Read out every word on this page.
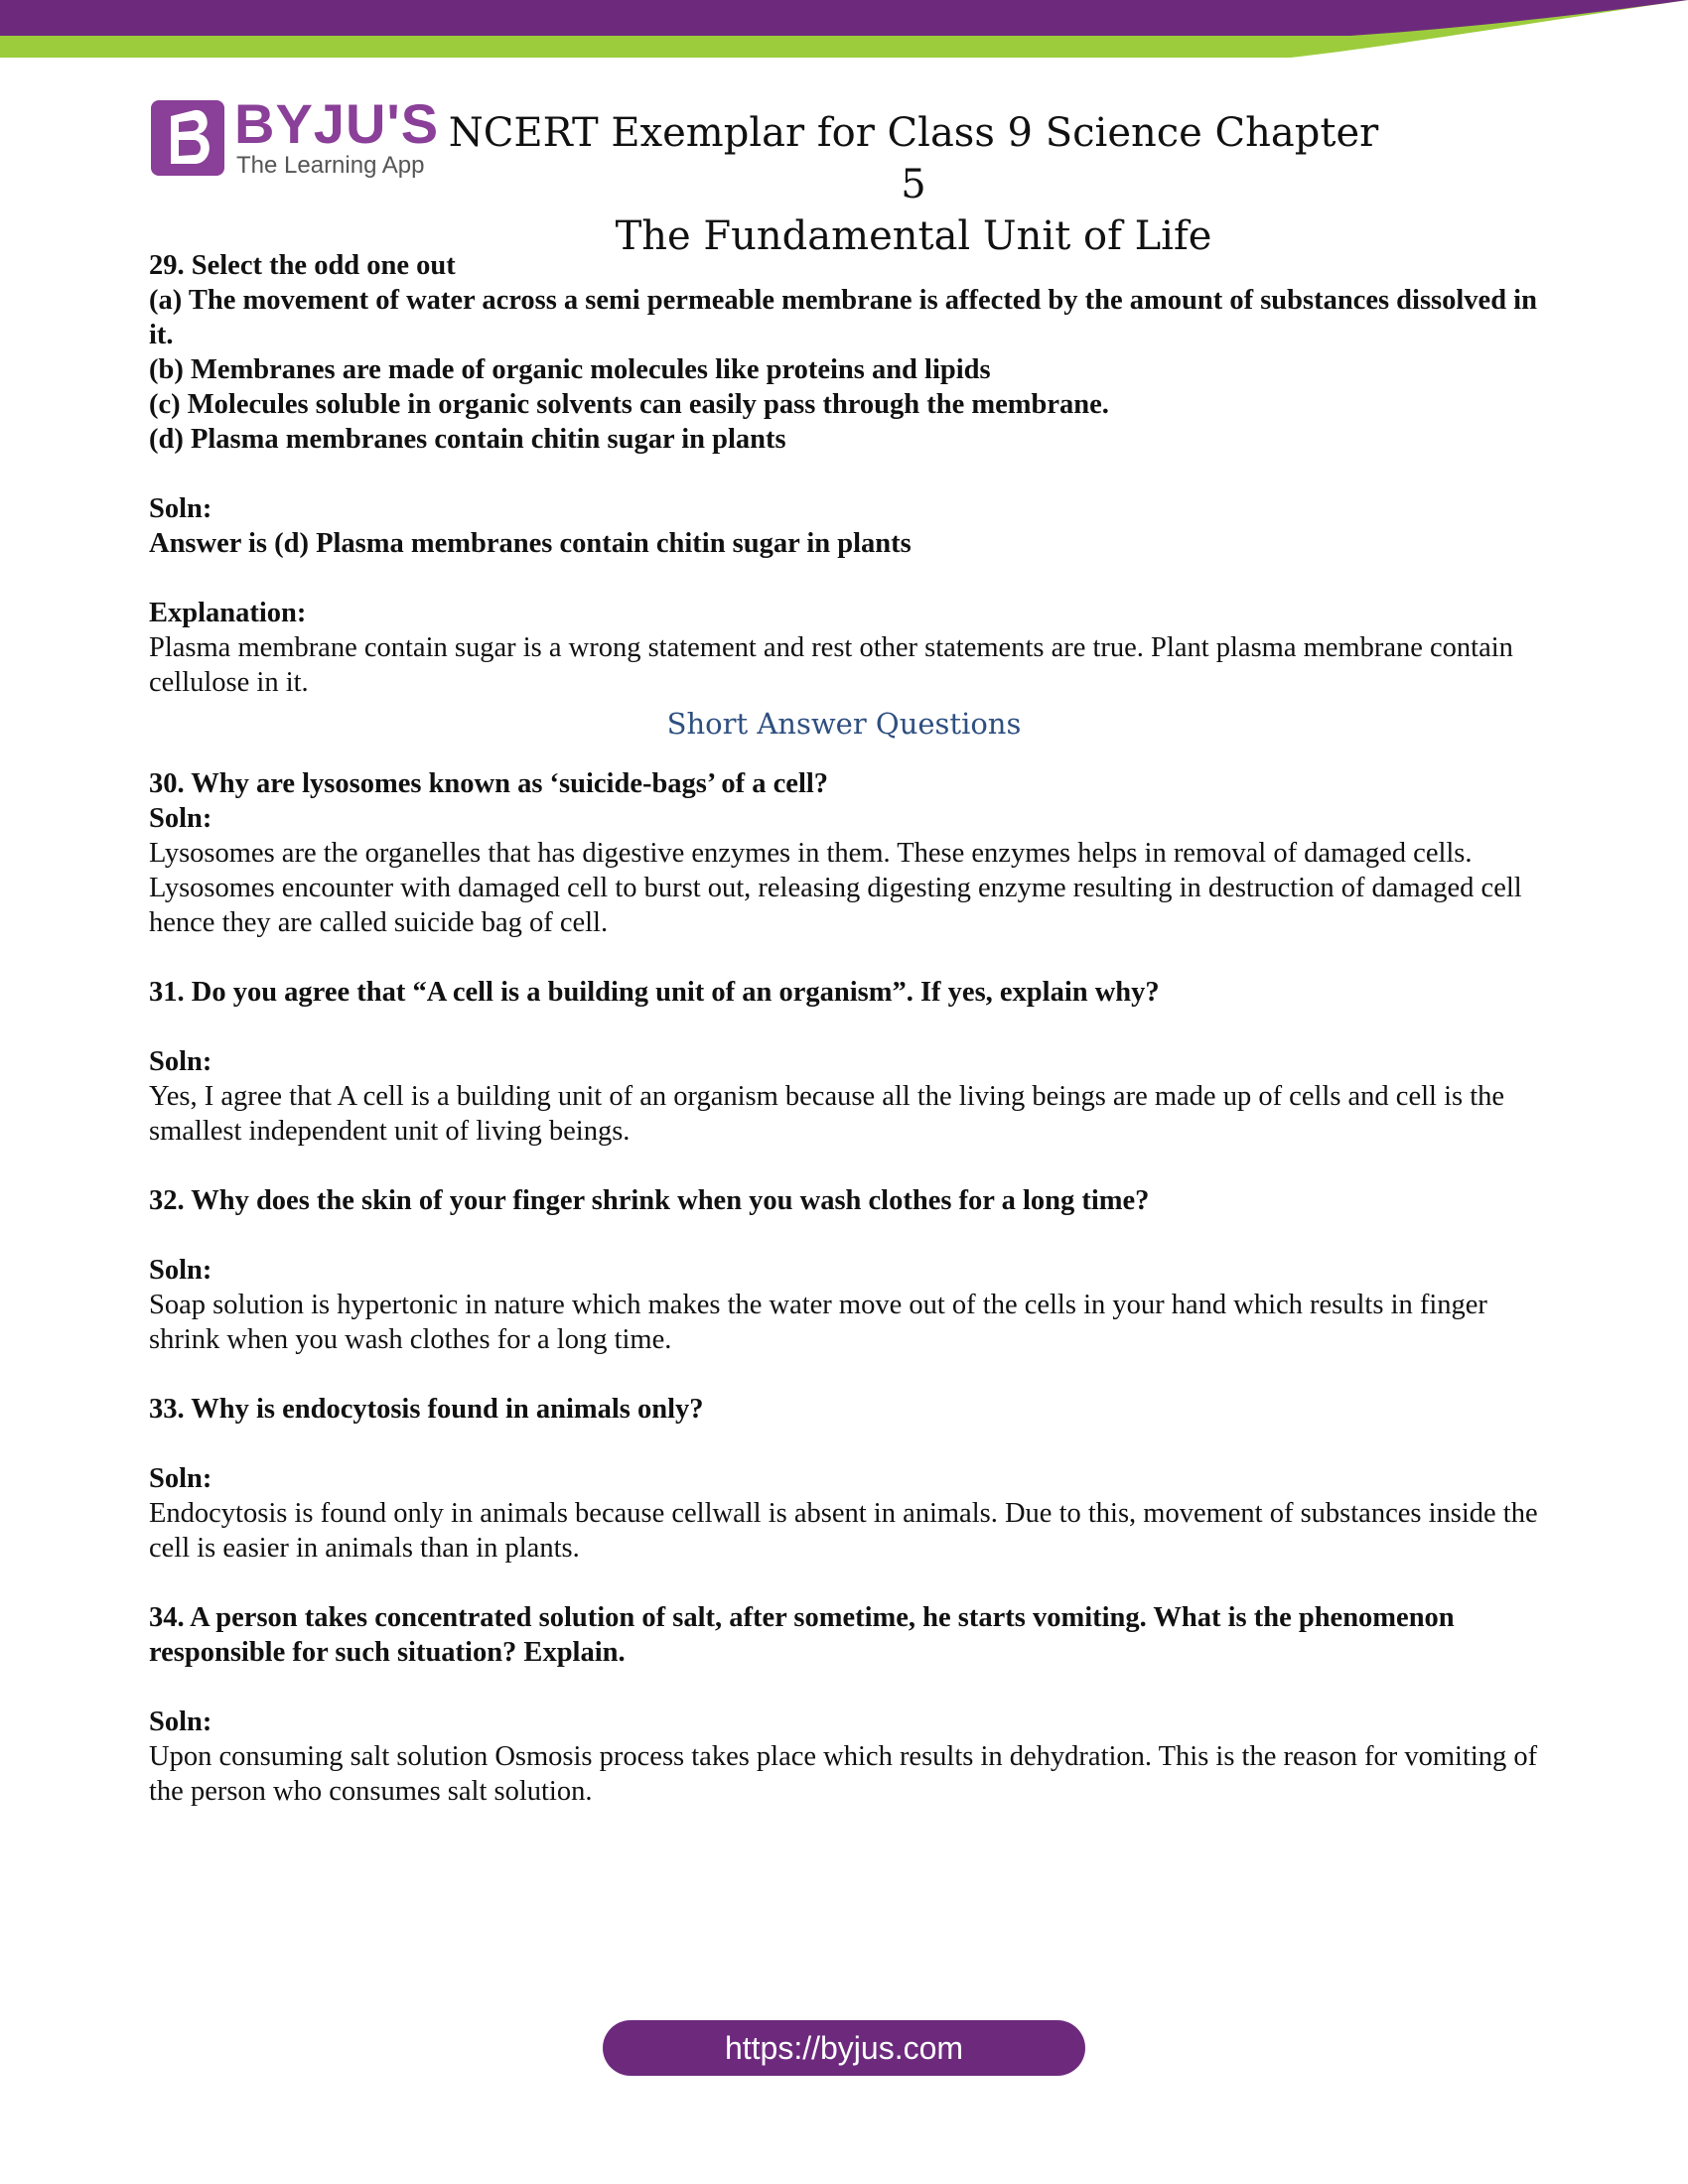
BYJU'S
The Learning App
NCERT Exemplar for Class 9 Science Chapter 5
The Fundamental Unit of Life

29. Select the odd one out

(a) The movement of water across a semi permeable membrane is affected by the amount of substances dissolved in it.

(b) Membranes are made of organic molecules like proteins and lipids

(c) Molecules soluble in organic solvents can easily pass through the membrane.

(d) Plasma membranes contain chitin sugar in plants

Soln:

Answer is (d) Plasma membranes contain chitin sugar in plants

Explanation:

Plasma membrane contain sugar is a wrong statement and rest other statements are true. Plant plasma membrane contain cellulose in it.

Short Answer Questions

30. Why are lysosomes known as ‘suicide-bags’ of a cell?

Soln:

Lysosomes are the organelles that has digestive enzymes in them. These enzymes helps in removal of damaged cells. Lysosomes encounter with damaged cell to burst out, releasing digesting enzyme resulting in destruction of damaged cell hence they are called suicide bag of cell.

31. Do you agree that “A cell is a building unit of an organism”. If yes, explain why?

Soln:

Yes, I agree that A cell is a building unit of an organism because all the living beings are made up of cells and cell is the smallest independent unit of living beings.

32. Why does the skin of your finger shrink when you wash clothes for a long time?

Soln:

Soap solution is hypertonic in nature which makes the water move out of the cells in your hand which results in finger shrink when you wash clothes for a long time.

33. Why is endocytosis found in animals only?

Soln:

Endocytosis is found only in animals because cellwall is absent in animals. Due to this, movement of substances inside the cell is easier in animals than in plants.

34. A person takes concentrated solution of salt, after sometime, he starts vomiting. What is the phenomenon responsible for such situation? Explain.

Soln:

Upon consuming salt solution Osmosis process takes place which results in dehydration. This is the reason for vomiting of the person who consumes salt solution.

https://byjus.com
